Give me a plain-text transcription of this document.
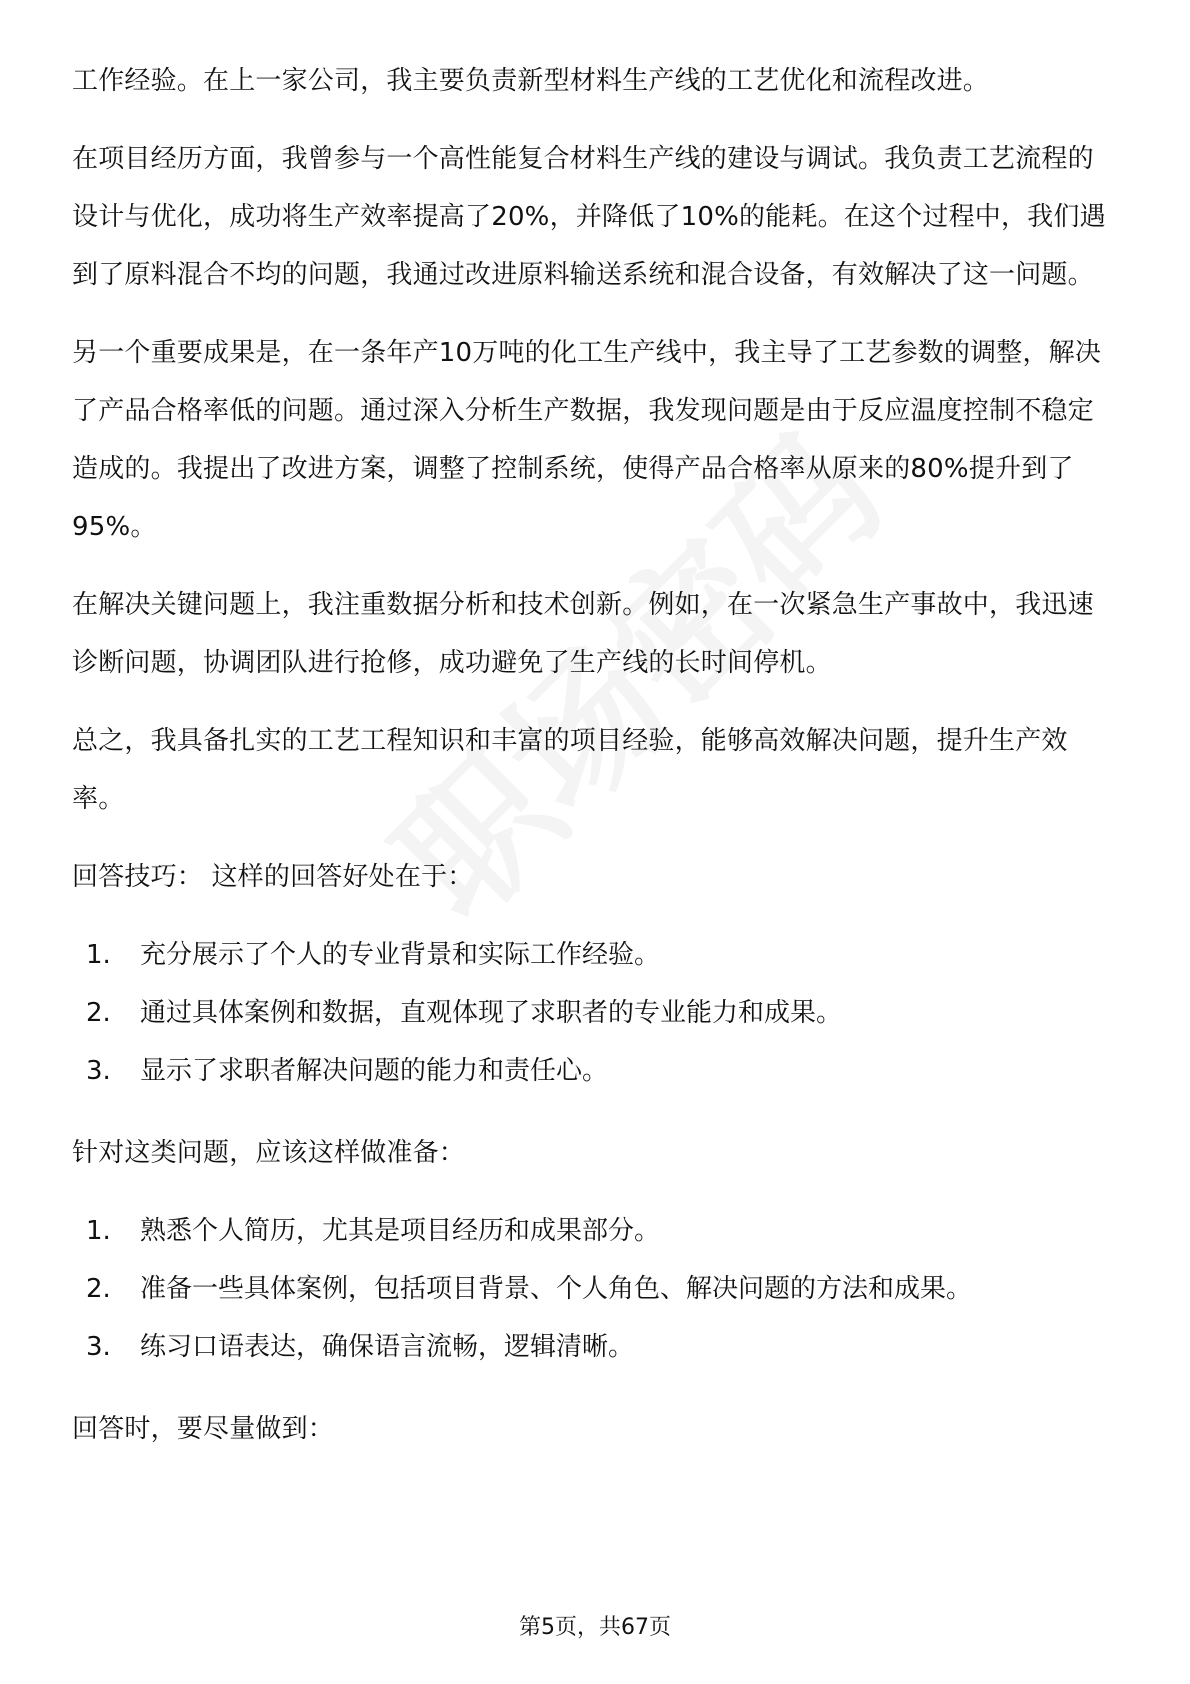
工作经验。在上一家公司，我主要负责新型材料生产线的工艺优化和流程改进。

在项目经历方面，我曾参与一个高性能复合材料生产线的建设与调试。我负责工艺流程的设计与优化，成功将生产效率提高了20%，并降低了10%的能耗。在这个过程中，我们遇到了原料混合不均的问题，我通过改进原料输送系统和混合设备，有效解决了这一问题。

另一个重要成果是，在一条年产10万吨的化工生产线中，我主导了工艺参数的调整，解决了产品合格率低的问题。通过深入分析生产数据，我发现问题是由于反应温度控制不稳定造成的。我提出了改进方案，调整了控制系统，使得产品合格率从原来的80%提升到了95%。

在解决关键问题上，我注重数据分析和技术创新。例如，在一次紧急生产事故中，我迅速诊断问题，协调团队进行抢修，成功避免了生产线的长时间停机。

总之，我具备扎实的工艺工程知识和丰富的项目经验，能够高效解决问题，提升生产效率。

回答技巧： 这样的回答好处在于：

1. 充分展示了个人的专业背景和实际工作经验。
2. 通过具体案例和数据，直观体现了求职者的专业能力和成果。
3. 显示了求职者解决问题的能力和责任心。

针对这类问题，应该这样做准备：

1. 熟悉个人简历，尤其是项目经历和成果部分。
2. 准备一些具体案例，包括项目背景、个人角色、解决问题的方法和成果。
3. 练习口语表达，确保语言流畅，逻辑清晰。

回答时，要尽量做到：

第5页，共67页
